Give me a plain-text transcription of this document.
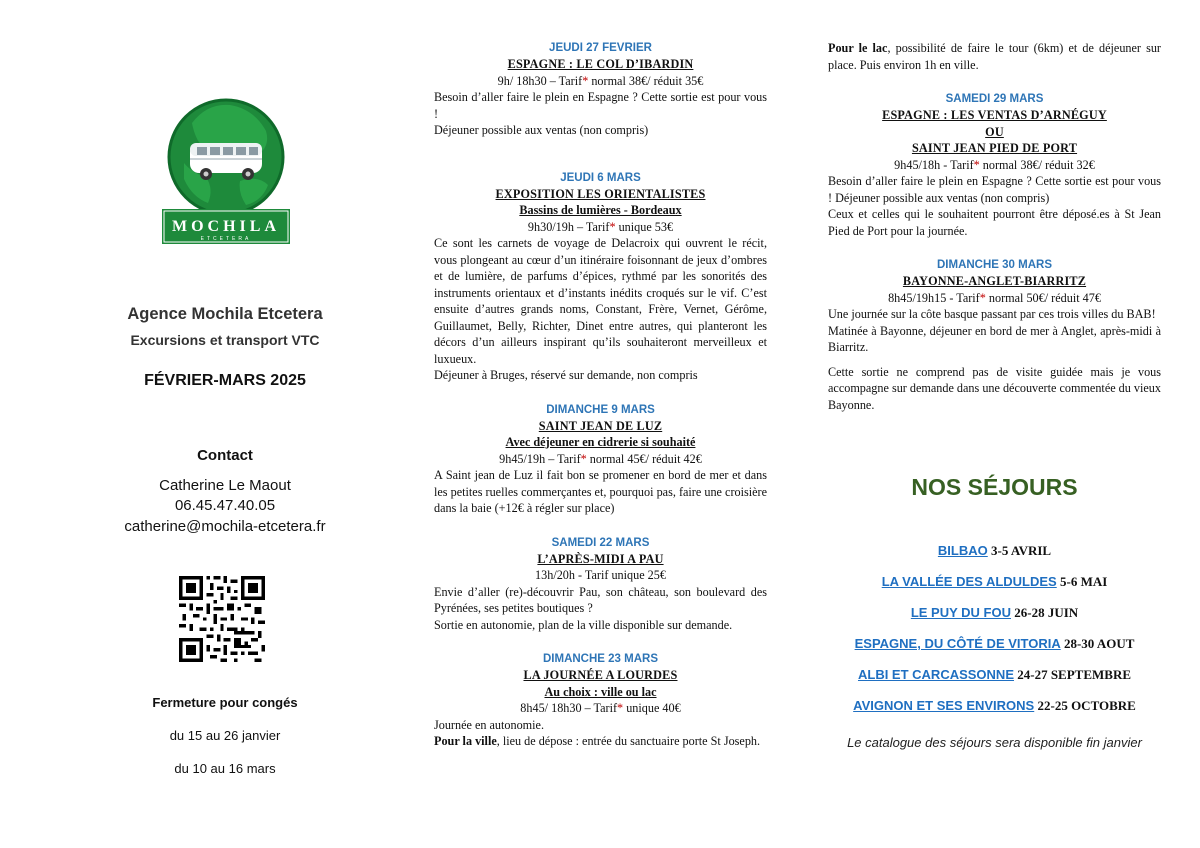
MOCHILA
ETCETERA
Agence Mochila Etcetera
Excursions et transport VTC
FÉVRIER-MARS 2025
Contact
Catherine Le Maout
06.45.47.40.05
catherine@mochila-etcetera.fr
Fermeture pour congés
du 15 au 26 janvier
du 10 au 16 mars
JEUDI 27 FEVRIER
ESPAGNE : LE COL D’IBARDIN
9h/ 18h30 – Tarif* normal 38€/ réduit 35€

Besoin d’aller faire le plein en Espagne ? Cette sortie est pour vous !

Déjeuner possible aux ventas (non compris)

JEUDI 6 MARS
EXPOSITION LES ORIENTALISTES
Bassins de lumières - Bordeaux
9h30/19h – Tarif* unique 53€

Ce sont les carnets de voyage de Delacroix qui ouvrent le récit, vous plongeant au cœur d’un itinéraire foisonnant de jeux d’ombres et de lumière, de parfums d’épices, rythmé par les sonorités des instruments orientaux et d’instants inédits croqués sur le vif. C’est ensuite d’autres grands noms, Constant, Frère, Vernet, Gérôme, Guillaumet, Belly, Richter, Dinet entre autres, qui planteront les décors d’un ailleurs inspirant qu’ils souhaiteront merveilleux et luxueux.

Déjeuner à Bruges, réservé sur demande, non compris

DIMANCHE 9 MARS
SAINT JEAN DE LUZ
Avec déjeuner en cidrerie si souhaité
9h45/19h – Tarif* normal 45€/ réduit 42€

A Saint jean de Luz il fait bon se promener en bord de mer et dans les petites ruelles commerçantes et, pourquoi pas, faire une croisière dans la baie (+12€ à régler sur place)

SAMEDI 22 MARS
L’APRÈS-MIDI A PAU
13h/20h - Tarif unique 25€

Envie d’aller (re)-découvrir Pau, son château, son boulevard des Pyrénées, ses petites boutiques ?

Sortie en autonomie, plan de la ville disponible sur demande.

DIMANCHE 23 MARS
LA JOURNÉE A LOURDES
Au choix : ville ou lac
8h45/ 18h30 – Tarif* unique 40€

Journée en autonomie.

Pour la ville, lieu de dépose : entrée du sanctuaire porte St Joseph.

Pour le lac, possibilité de faire le tour (6km) et de déjeuner sur place. Puis environ 1h en ville.

SAMEDI 29 MARS
ESPAGNE : LES VENTAS D’ARNÉGUY
OU
SAINT JEAN PIED DE PORT
9h45/18h - Tarif* normal 38€/ réduit 32€

Besoin d’aller faire le plein en Espagne ? Cette sortie est pour vous ! Déjeuner possible aux ventas (non compris)

Ceux et celles qui le souhaitent pourront être déposé.es à St Jean Pied de Port pour la journée.

DIMANCHE 30 MARS
BAYONNE-ANGLET-BIARRITZ
8h45/19h15 - Tarif* normal 50€/ réduit 47€

Une journée sur la côte basque passant par ces trois villes du BAB!

Matinée à Bayonne, déjeuner en bord de mer à Anglet, après-midi à Biarritz.

Cette sortie ne comprend pas de visite guidée mais je vous accompagne sur demande dans une découverte commentée du vieux Bayonne.

NOS SÉJOURS
BILBAO 3-5 AVRIL
LA VALLÉE DES ALDULDES 5-6 MAI
LE PUY DU FOU 26-28 JUIN
ESPAGNE, DU CÔTÉ DE VITORIA 28-30 AOUT
ALBI ET CARCASSONNE 24-27 SEPTEMBRE
AVIGNON ET SES ENVIRONS 22-25 OCTOBRE
Le catalogue des séjours sera disponible fin janvier
